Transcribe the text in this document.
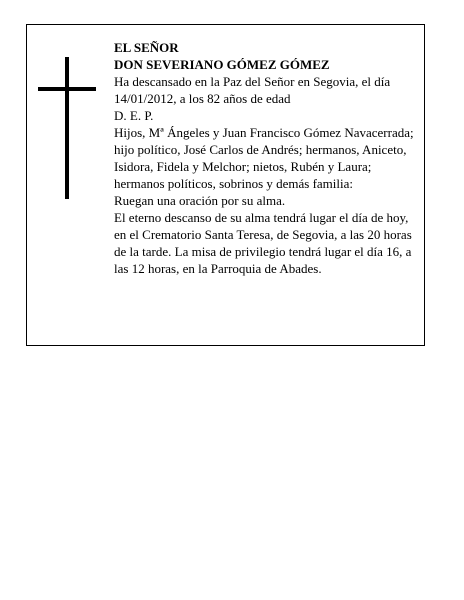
EL SEÑOR

DON SEVERIANO GÓMEZ GÓMEZ

Ha descansado en la Paz del Señor en Segovia, el día 14/01/2012, a los 82 años de edad

D. E. P.

Hijos, Mª Ángeles y Juan Francisco Gómez Navacerrada; hijo político, José Carlos de Andrés; hermanos, Aniceto, Isidora, Fidela y Melchor; nietos, Rubén y Laura; hermanos políticos, sobrinos y demás familia:

Ruegan una oración por su alma.

El eterno descanso de su alma tendrá lugar el día de hoy, en el Crematorio Santa Teresa, de Segovia, a las 20 horas de la tarde. La misa de privilegio tendrá lugar el día 16, a las 12 horas, en la Parroquia de Abades.
